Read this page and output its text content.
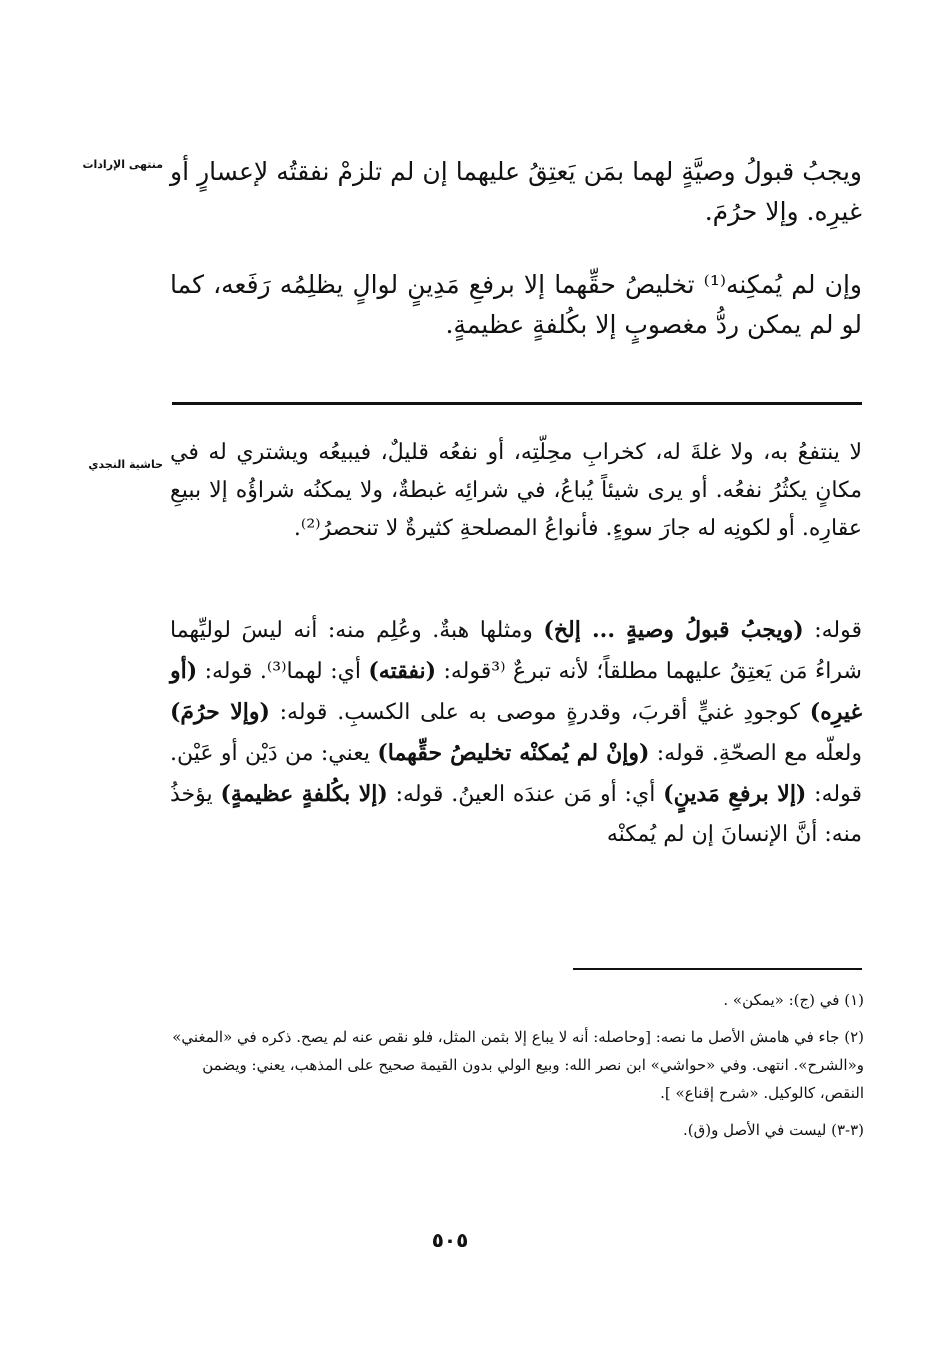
منتهى الإرادات ويجبُ قبولُ وصيَّةٍ لهما بمَن يَعتِقُ عليهما إن لم تلزمْ نفقتُه لإعسارٍ أو غيرِه. وإلا حرُمَ.

وإن لم يُمكِنه⁽¹⁾ تخليصُ حقِّهما إلا برفعِ مَدِينٍ لوالٍ يظلِمُه رَفَعه، كما لو لم يمكن ردُّ مغصوبٍ إلا بكُلفةٍ عظيمةٍ.

حاشية النجدي لا ينتفعُ به، ولا غلةَ له، كخرابِ محِلّتِه، أو نفعُه قليلٌ، فيبيعُه ويشتري له في مكانٍ يكثُرُ نفعُه. أو يرى شيئاً يُباعُ، في شرائِه غبطةٌ، ولا يمكنُه شراؤُه إلا ببيعِ عقارِه. أو لكونِه له جارَ سوءٍ. فأنواعُ المصلحةِ كثيرةٌ لا تنحصرُ⁽²⁾.

قوله: (ويجبُ قبولُ وصيةٍ ... إلخ) ومثلها هبةٌ. وعُلِم منه: أنه ليسَ لوليِّهما شراءُ مَن يَعتِقُ عليهما مطلقاً؛ لأنه تبرعٌ ⁽³قوله: (نفقته) أي: لهما⁽³⁾. قوله: (أو غيرِه) كوجودِ غنيٍّ أقربَ، وقدرةٍ موصى به على الكسبِ. قوله: (وإلا حرُمَ) ولعلّه مع الصحّةِ. قوله: (وإنْ لم يُمكنْه تخليصُ حقِّهما) يعني: من دَيْن أو عَيْن. قوله: (إلا برفعِ مَدينٍ) أي: أو مَن عندَه العينُ. قوله: (إلا بكُلفةٍ عظيمةٍ) يؤخذُ منه: أنَّ الإنسانَ إن لم يُمكنْه

(١) في (ج): «يمكن» .

(٢) جاء في هامش الأصل ما نصه: [وحاصله: أنه لا يباع إلا بثمن المثل، فلو نقص عنه لم يصح. ذكره في «المغني» و«الشرح». انتهى. وفي «حواشي» ابن نصر الله: وبيع الولي بدون القيمة صحيح على المذهب، يعني: ويضمن النقص، كالوكيل. «شرح إقناع» ].

(٣-٣) ليست في الأصل و(ق).

٥٠٥
